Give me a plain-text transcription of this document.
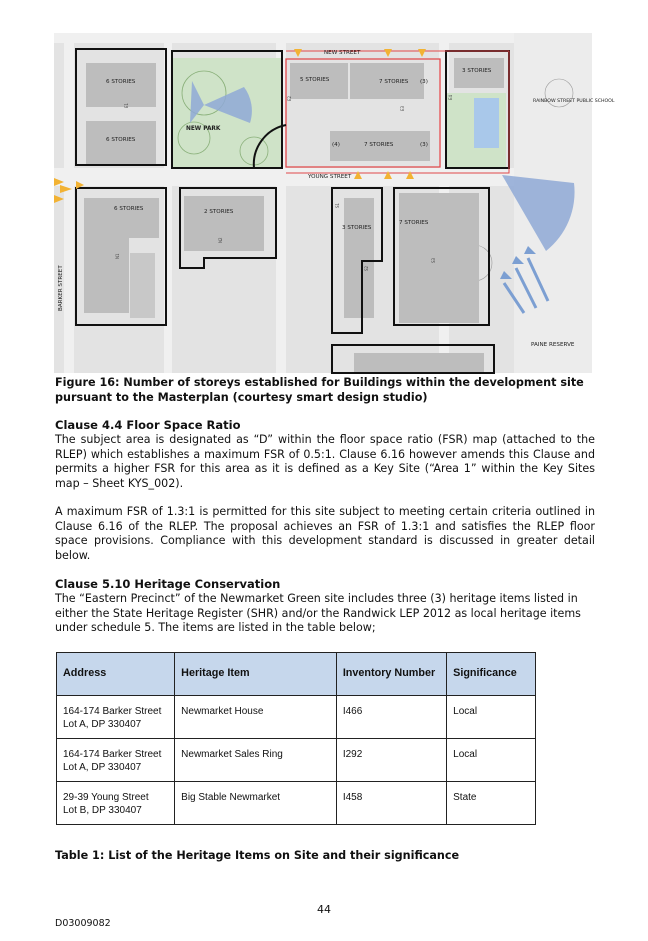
NEW STREET
YOUNG STREET
BARKER STREET
NEW PARK
RAINBOW STREET PUBLIC SCHOOL
PAINE RESERVE
6 STORIES
6 STORIES
6 STORIES
5 STORIES	7 STORIES (3)
7 STORIES
(4)	(3)
3 STORIES
2 STORIES
3 STORIES
7 STORIES
E1
N2
N1
E3
E2	E4
S1
S2
S3
Figure 16: Number of storeys established for Buildings within the development site pursuant to the Masterplan (courtesy smart design studio)
Clause 4.4 Floor Space Ratio
The subject area is designated as “D” within the floor space ratio (FSR) map (attached to the RLEP) which establishes a maximum FSR of 0.5:1. Clause 6.16 however amends this Clause and permits a higher FSR for this area as it is defined as a Key Site (“Area 1” within the Key Sites map – Sheet KYS_002).
A maximum FSR of 1.3:1 is permitted for this site subject to meeting certain criteria outlined in Clause 6.16 of the RLEP. The proposal achieves an FSR of 1.3:1 and satisfies the RLEP floor space provisions. Compliance with this development standard is discussed in greater detail below.
Clause 5.10 Heritage Conservation
The “Eastern Precinct” of the Newmarket Green site includes three (3) heritage items listed in either the State Heritage Register (SHR) and/or the Randwick LEP 2012 as local heritage items under schedule 5. The items are listed in the table below;
Address	Heritage Item	Inventory Number	Significance
164-174 Barker Street
Lot A, DP 330407	Newmarket House	I466	Local
164-174 Barker Street
Lot A, DP 330407	Newmarket Sales Ring	I292	Local
29-39 Young Street
Lot B, DP 330407	Big Stable Newmarket	I458	State
Table 1: List of the Heritage Items on Site and their significance
44
D03009082
